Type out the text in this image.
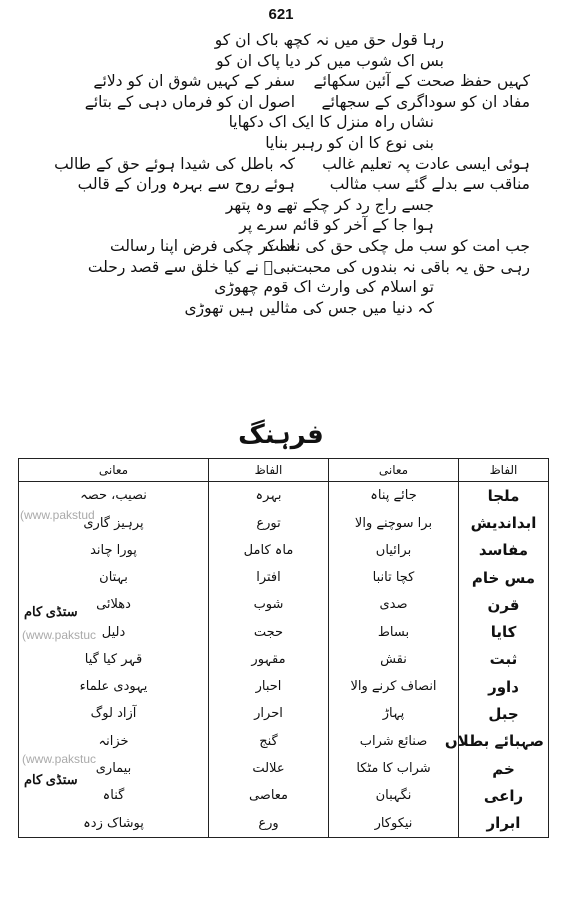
621
رہا قول حق میں نہ کچھ باک ان کو
بس اک شوب میں کر دیا پاک ان کو
کہیں حفظ صحت کے آئین سکھائےسفر کے کہیں شوق ان کو دلائے
مفاد ان کو سوداگری کے سجھائےاصول ان کو فرماں دہی کے بتائے
نشاں راہ منزل کا ایک اک دکھایا
بنی نوع کا ان کو رہبر بنایا
ہوئی ایسی عادت پہ تعلیم غالبکہ باطل کی شیدا ہوئے حق کے طالب
مناقب سے بدلے گئے سب مثالبہوئے روح سے بہرہ وران کے قالب
جسے راج رد کر چکے تھے وہ پتھر
ہوا جا کے آخر کو قائم سرے پر
جب امت کو سب مل چکی حق کی نعمتادا کر چکی فرض اپنا رسالت
رہی حق یہ باقی نہ بندوں کی محبتنبیؐ نے کیا خلق سے قصد رحلت
تو اسلام کی وارث اک قوم چھوڑی
کہ دنیا میں جس کی مثالیں ہیں تھوڑی
فرہنگ
الفاظ	معانی	الفاظ	معانی
ملجا	جائے پناہ	بہرہ	نصیب، حصہ
ابداندیش	برا سوچنے والا	تورع	پرہیز گاری
مفاسد	برائیاں	ماہ کامل	پورا چاند
مس خام	کچا تانبا	افترا	بہتان
قرن	صدی	شوب	دھلائی
کایا	بساط	حجت	دلیل
ثبت	نقش	مقہور	قہر کیا گیا
داور	انصاف کرنے والا	احبار	یہودی علماء
جبل	پہاڑ	احرار	آزاد لوگ
صہبائے بطلاں	صنائع شراب	گنج	خزانہ
خم	شراب کا مٹکا	علالت	بیماری
راعی	نگہبان	معاصی	گناہ
ابرار	نیکوکار	ورع	پوشاک زدہ
(www.pakstud
ستڈی کام
(www.pakstuc
(www.pakstuc
ستڈی کام
